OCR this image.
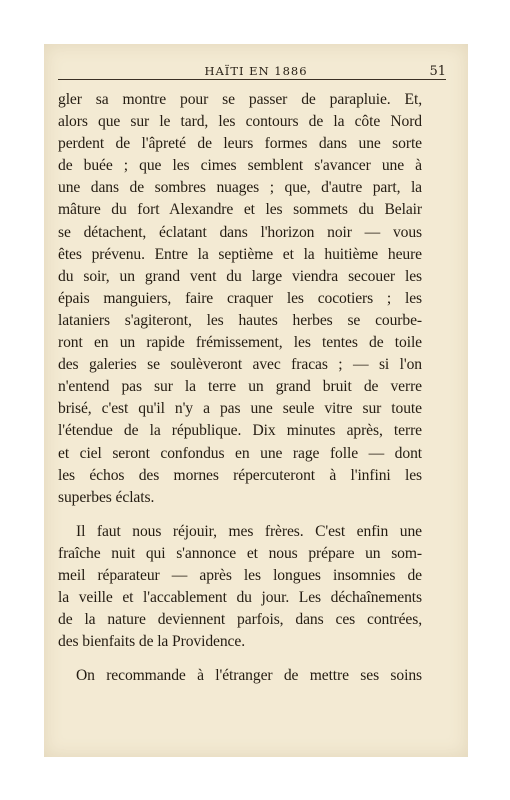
HAÏTI EN 1886	51
gler sa montre pour se passer de parapluie. Et,
alors que sur le tard, les contours de la côte Nord
perdent de l'âpreté de leurs formes dans une sorte
de buée ; que les cimes semblent s'avancer une à
une dans de sombres nuages ; que, d'autre part, la
mâture du fort Alexandre et les sommets du Belair
se détachent, éclatant dans l'horizon noir — vous
êtes prévenu. Entre la septième et la huitième heure
du soir, un grand vent du large viendra secouer les
épais manguiers, faire craquer les cocotiers ; les
lataniers s'agiteront, les hautes herbes se courbe-
ront en un rapide frémissement, les tentes de toile
des galeries se soulèveront avec fracas ; — si l'on
n'entend pas sur la terre un grand bruit de verre
brisé, c'est qu'il n'y a pas une seule vitre sur toute
l'étendue de la république. Dix minutes après, terre
et ciel seront confondus en une rage folle — dont
les échos des mornes répercuteront à l'infini les
superbes éclats.
Il faut nous réjouir, mes frères. C'est enfin une
fraîche nuit qui s'annonce et nous prépare un som-
meil réparateur — après les longues insomnies de
la veille et l'accablement du jour. Les déchaînements
de la nature deviennent parfois, dans ces contrées,
des bienfaits de la Providence.
On recommande à l'étranger de mettre ses soins
